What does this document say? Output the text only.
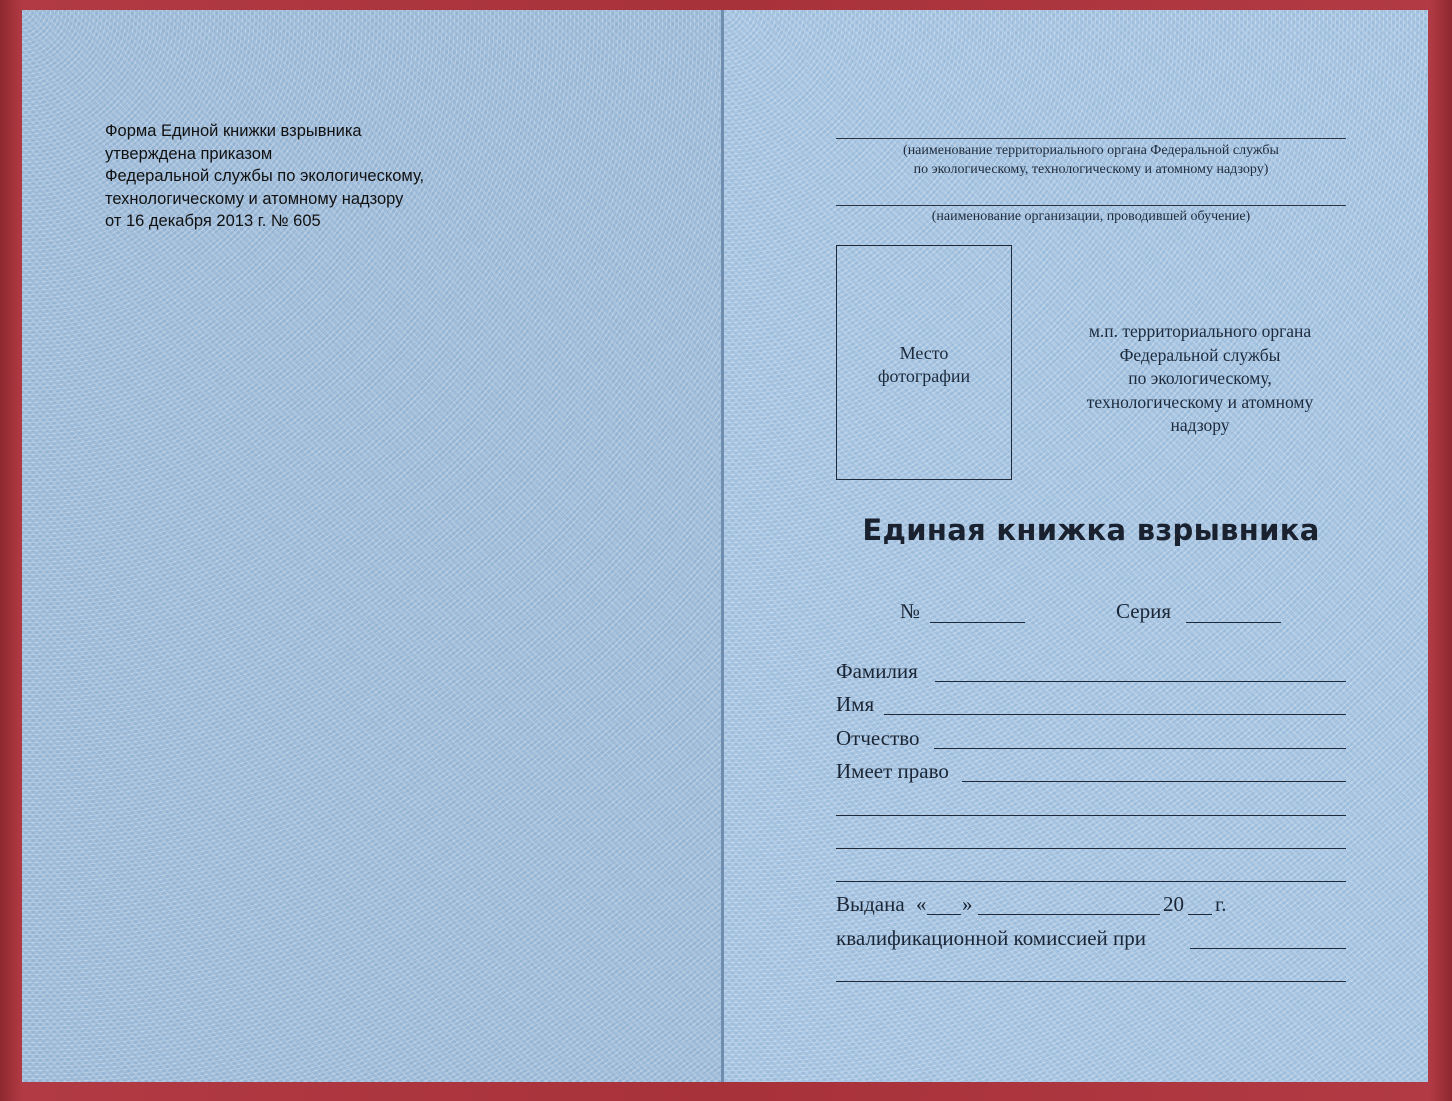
Форма Единой книжки взрывника
утверждена приказом
Федеральной службы по экологическому,
технологическому и атомному надзору
от 16 декабря 2013 г. № 605
(наименование территориального органа Федеральной службы
по экологическому, технологическому и атомному надзору)
(наименование организации, проводившей обучение)
Место
фотографии
м.п. территориального органа
Федеральной службы
по экологическому,
технологическому и атомному
надзору
Единая книжка взрывника
№	Серия
Фамилия
Имя
Отчество
Имеет право
Выдана « »	20 г.
квалификационной комиссией при
